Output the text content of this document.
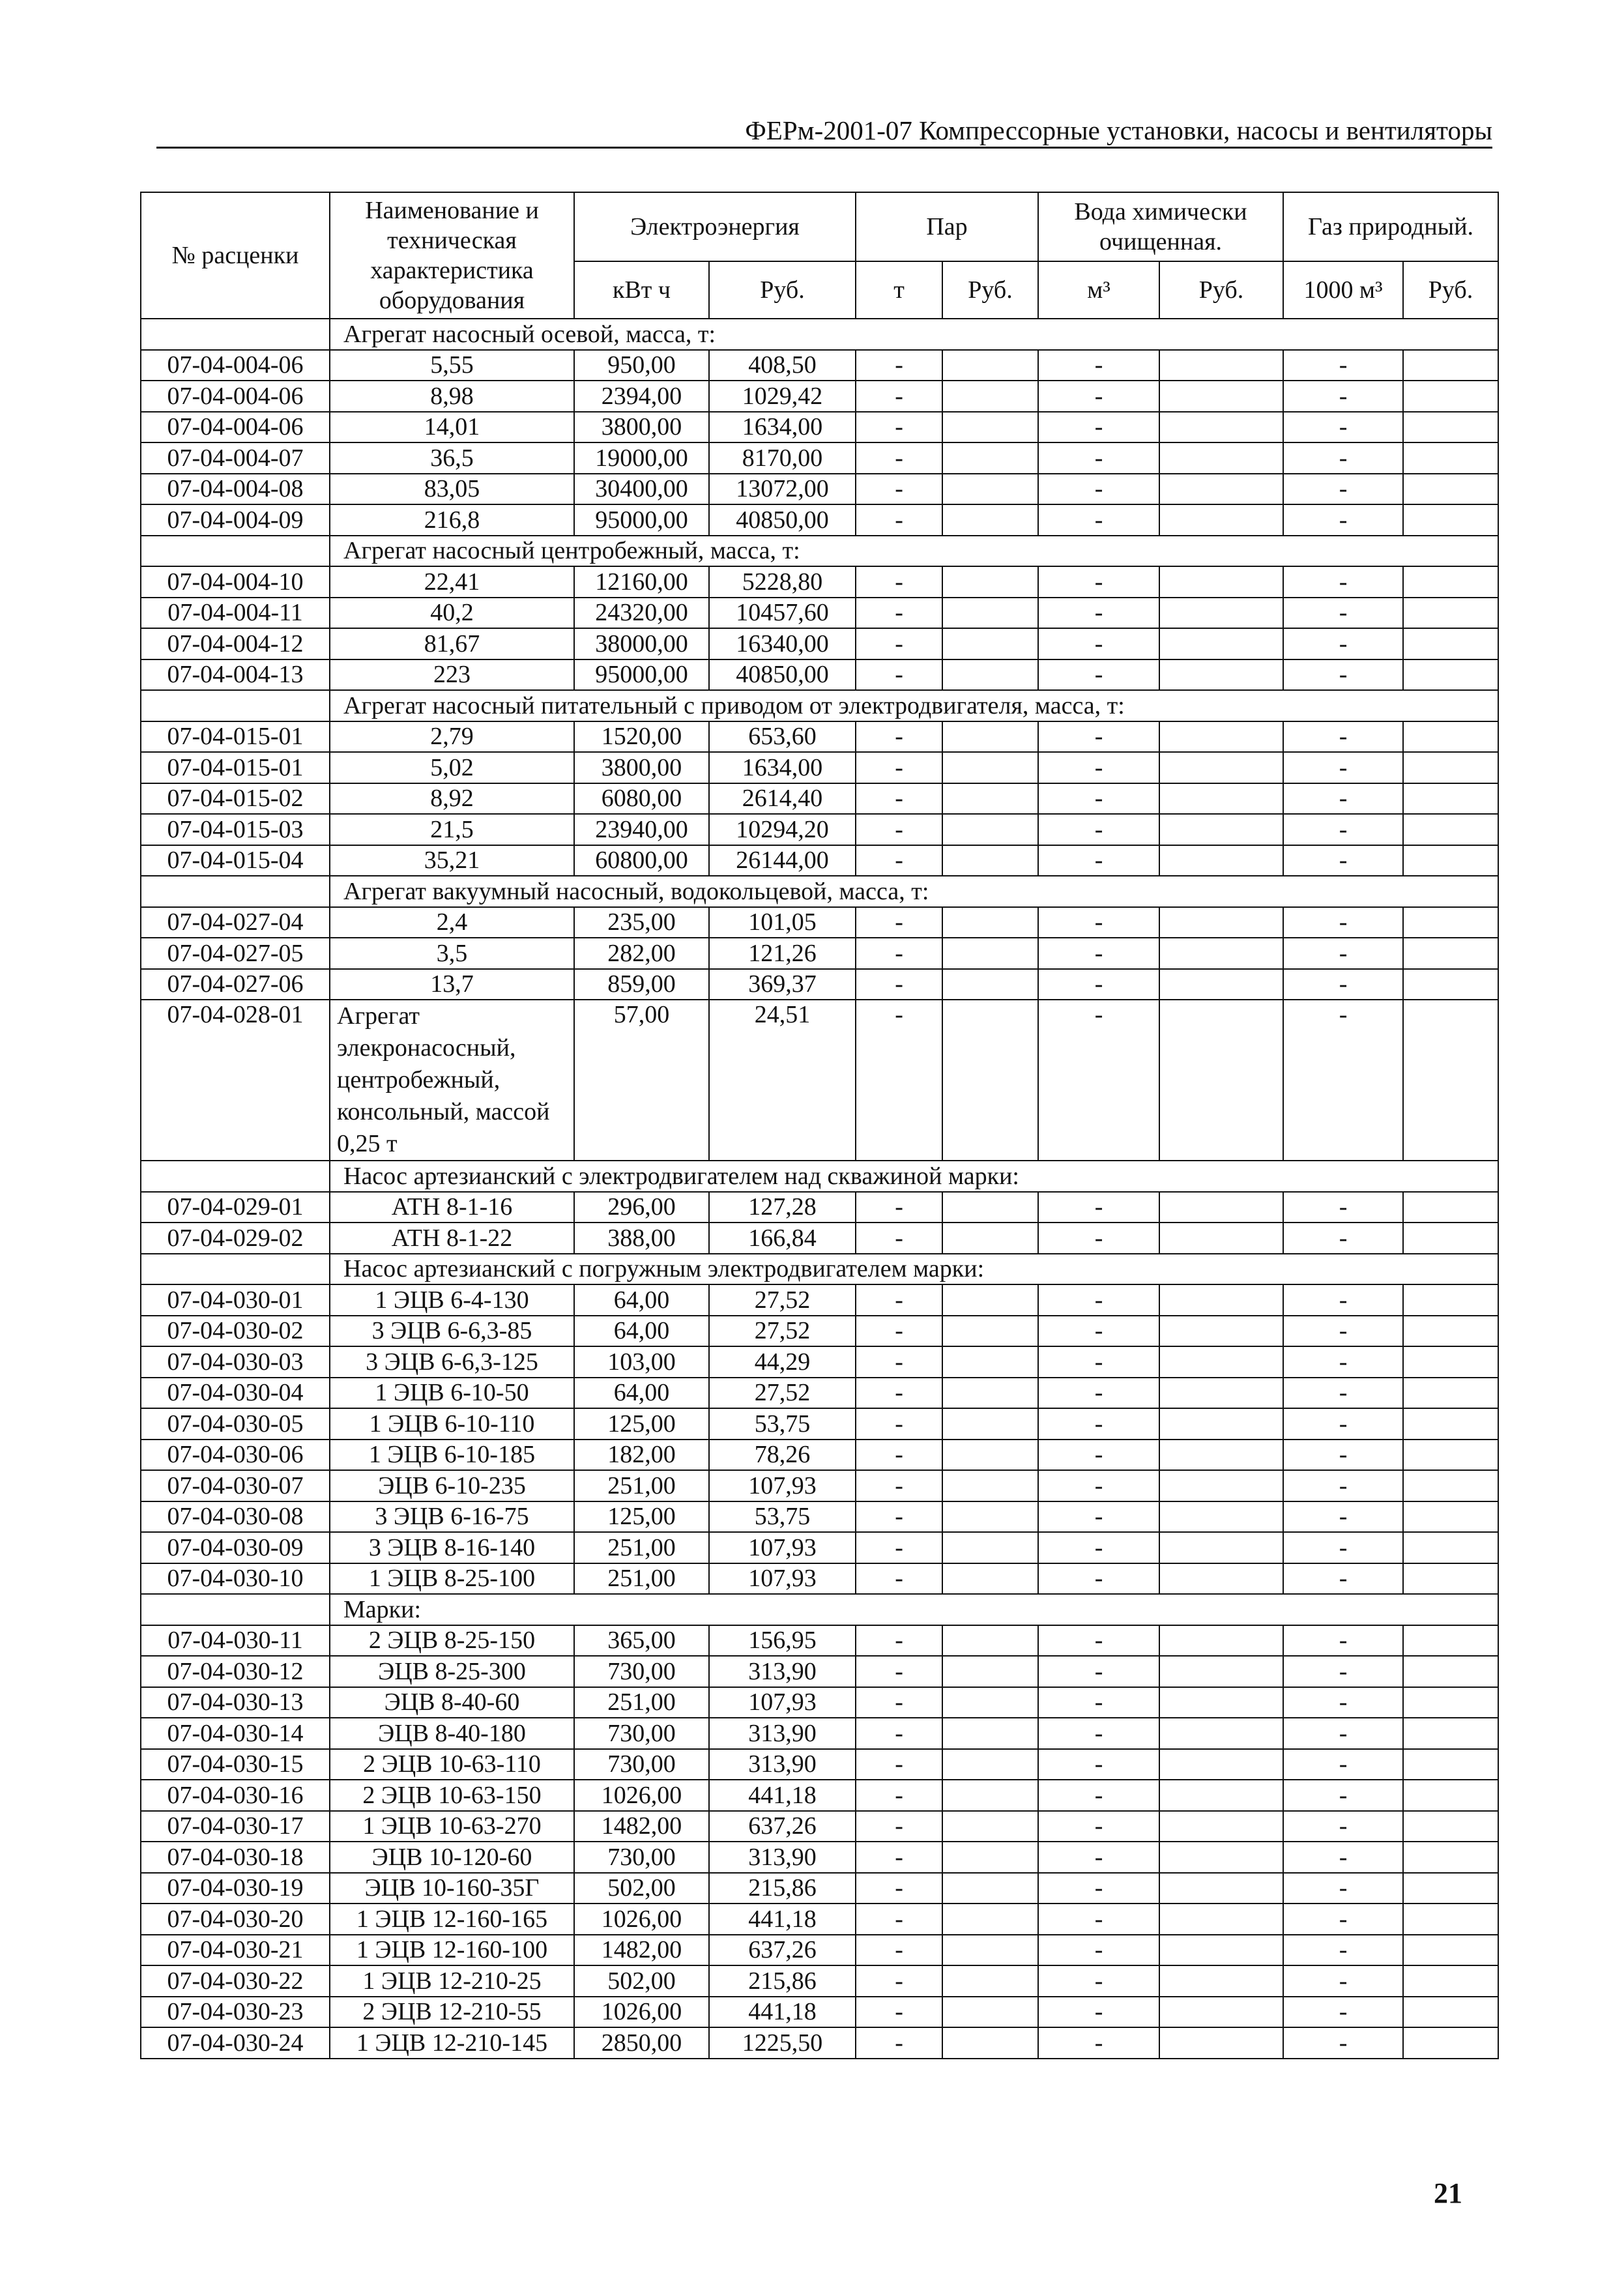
ФЕРм-2001-07 Компрессорные установки, насосы и вентиляторы
№ расценки	Наименование и техническая характеристика оборудования	Электроэнергия		Пар		Вода химически очищенная.		Газ природный.	
		кВт ч	Руб.	т	Руб.	м³	Руб.	1000 м³	Руб.
	Агрегат насосный осевой, масса, т:								
07-04-004-06	5,55	950,00	408,50	-		-		-	
07-04-004-06	8,98	2394,00	1029,42	-		-		-	
07-04-004-06	14,01	3800,00	1634,00	-		-		-	
07-04-004-07	36,5	19000,00	8170,00	-		-		-	
07-04-004-08	83,05	30400,00	13072,00	-		-		-	
07-04-004-09	216,8	95000,00	40850,00	-		-		-	
	Агрегат насосный центробежный, масса, т:								
07-04-004-10	22,41	12160,00	5228,80	-		-		-	
07-04-004-11	40,2	24320,00	10457,60	-		-		-	
07-04-004-12	81,67	38000,00	16340,00	-		-		-	
07-04-004-13	223	95000,00	40850,00	-		-		-	
	Агрегат насосный питательный с приводом от электродвигателя, масса, т:								
07-04-015-01	2,79	1520,00	653,60	-		-		-	
07-04-015-01	5,02	3800,00	1634,00	-		-		-	
07-04-015-02	8,92	6080,00	2614,40	-		-		-	
07-04-015-03	21,5	23940,00	10294,20	-		-		-	
07-04-015-04	35,21	60800,00	26144,00	-		-		-	
	Агрегат вакуумный насосный, водокольцевой, масса, т:								
07-04-027-04	2,4	235,00	101,05	-		-		-	
07-04-027-05	3,5	282,00	121,26	-		-		-	
07-04-027-06	13,7	859,00	369,37	-		-		-	
07-04-028-01	Агрегат элекронасосный, центробежный, консольный, массой 0,25 т	57,00	24,51	-		-		-	
	Насос артезианский с электродвигателем над скважиной марки:								
07-04-029-01	АТН 8-1-16	296,00	127,28	-		-		-	
07-04-029-02	АТН 8-1-22	388,00	166,84	-		-		-	
	Насос артезианский с погружным электродвигателем марки:								
07-04-030-01	1 ЭЦВ 6-4-130	64,00	27,52	-		-		-	
07-04-030-02	3 ЭЦВ 6-6,3-85	64,00	27,52	-		-		-	
07-04-030-03	3 ЭЦВ 6-6,3-125	103,00	44,29	-		-		-	
07-04-030-04	1 ЭЦВ 6-10-50	64,00	27,52	-		-		-	
07-04-030-05	1 ЭЦВ 6-10-110	125,00	53,75	-		-		-	
07-04-030-06	1 ЭЦВ 6-10-185	182,00	78,26	-		-		-	
07-04-030-07	ЭЦВ 6-10-235	251,00	107,93	-		-		-	
07-04-030-08	3 ЭЦВ 6-16-75	125,00	53,75	-		-		-	
07-04-030-09	3 ЭЦВ 8-16-140	251,00	107,93	-		-		-	
07-04-030-10	1 ЭЦВ 8-25-100	251,00	107,93	-		-		-	
	Марки:								
07-04-030-11	2 ЭЦВ 8-25-150	365,00	156,95	-		-		-	
07-04-030-12	ЭЦВ 8-25-300	730,00	313,90	-		-		-	
07-04-030-13	ЭЦВ 8-40-60	251,00	107,93	-		-		-	
07-04-030-14	ЭЦВ 8-40-180	730,00	313,90	-		-		-	
07-04-030-15	2 ЭЦВ 10-63-110	730,00	313,90	-		-		-	
07-04-030-16	2 ЭЦВ 10-63-150	1026,00	441,18	-		-		-	
07-04-030-17	1 ЭЦВ 10-63-270	1482,00	637,26	-		-		-	
07-04-030-18	ЭЦВ 10-120-60	730,00	313,90	-		-		-	
07-04-030-19	ЭЦВ 10-160-35Г	502,00	215,86	-		-		-	
07-04-030-20	1 ЭЦВ 12-160-165	1026,00	441,18	-		-		-	
07-04-030-21	1 ЭЦВ 12-160-100	1482,00	637,26	-		-		-	
07-04-030-22	1 ЭЦВ 12-210-25	502,00	215,86	-		-		-	
07-04-030-23	2 ЭЦВ 12-210-55	1026,00	441,18	-		-		-	
07-04-030-24	1 ЭЦВ 12-210-145	2850,00	1225,50	-		-		-	
21
